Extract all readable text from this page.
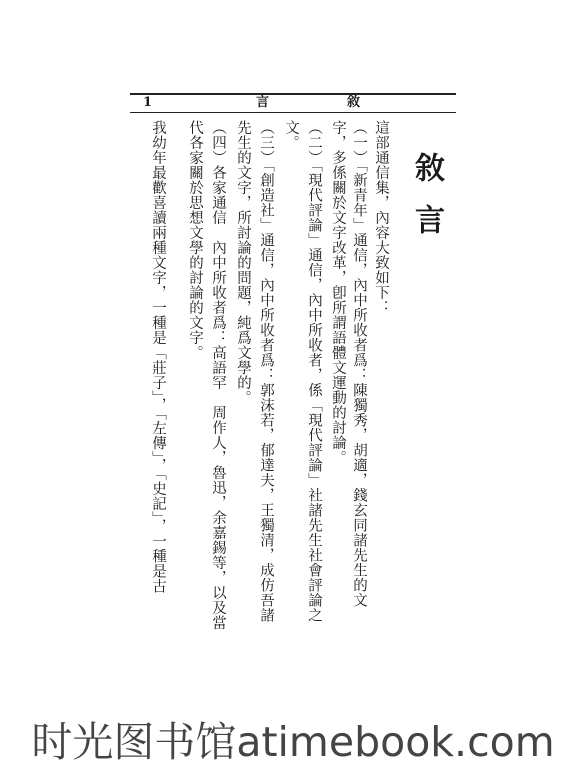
1	言	敘
敘言
這部通信集，內容大致如下：
（一）「新青年」通信，內中所收者爲：陳獨秀，胡適，錢玄同諸先生的文
字，多係關於文字改革，卽所謂語體文運動的討論。
（二）「現代評論」通信，內中所收者，係「現代評論」社諸先生社會評論之
文。
（三）「創造社」通信，內中所收者爲：郭沫若，郁達夫，王獨清，成仿吾諸
先生的文字，所討論的問題，純爲文學的。
（四）各家通信　內中所收者爲：高語罕　周作人，魯迅，余嘉錫等，以及當
代各家關於思想文學的討論的文字。
我幼年最歡喜讀兩種文字，一種是「莊子」，「左傳」，「史記」，一種是古
时光图书馆atimebook.com
